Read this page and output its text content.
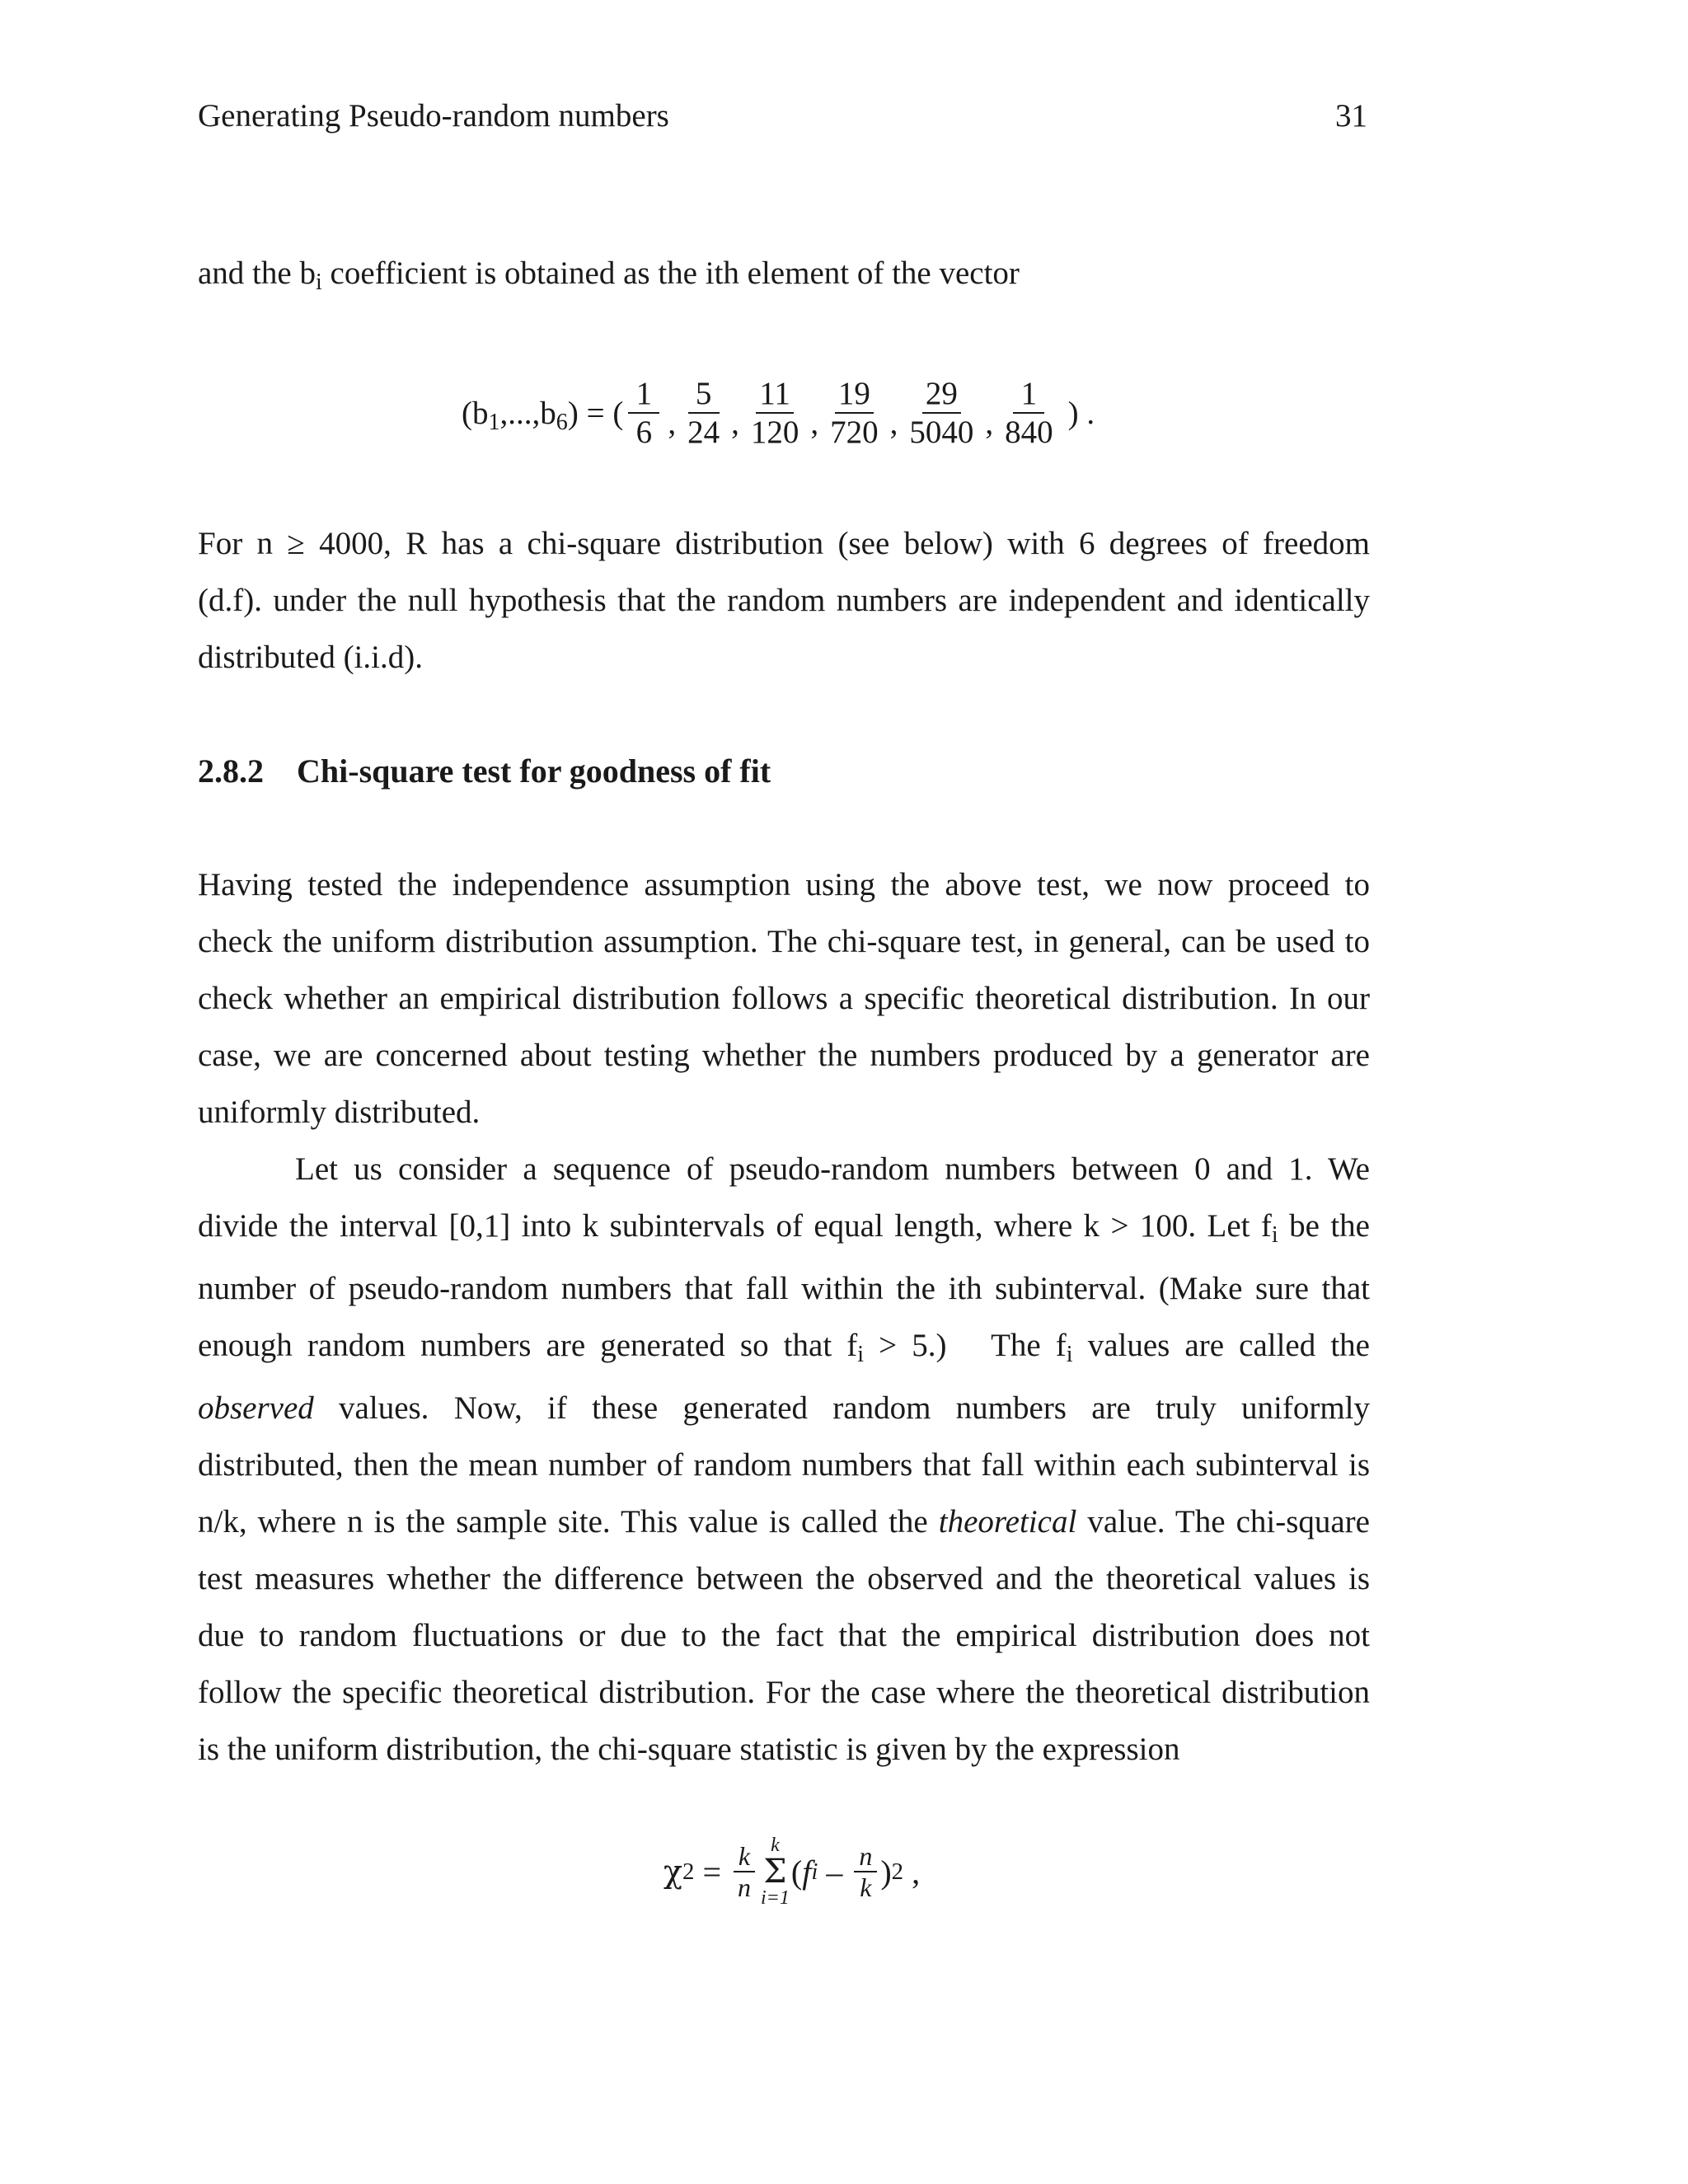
Generating Pseudo-random numbers	31
and the $b_i$ coefficient is obtained as the ith element of the vector
$(b_1,...,b_6)$ = ( $\frac{1}{6}$ , $\frac{5}{24}$ , $\frac{11}{120}$ , $\frac{19}{720}$ , $\frac{29}{5040}$ , $\frac{1}{840}$ ) .
For n ≥ 4000, R has a chi-square distribution (see below) with 6 degrees of freedom
(d.f). under the null hypothesis that the random numbers are independent and identically
distributed (i.i.d).
2.8.2 Chi-square test for goodness of fit
Having tested the independence assumption using the above test, we now proceed to
check the uniform distribution assumption. The chi-square test, in general, can be used to
check whether an empirical distribution follows a specific theoretical distribution. In our
case, we are concerned about testing whether the numbers produced by a generator are
uniformly distributed.
Let us consider a sequence of pseudo-random numbers between 0 and 1. We
divide the interval [0,1] into k subintervals of equal length, where k > 100. Let $f_i$ be the
number of pseudo-random numbers that fall within the ith subinterval. (Make sure that
enough random numbers are generated so that $f_i > 5$.)   The $f_i$ values are called the
observed values. Now, if these generated random numbers are truly uniformly
distributed, then the mean number of random numbers that fall within each subinterval is
n/k, where n is the sample site. This value is called the theoretical value. The chi-square
test measures whether the difference between the observed and the theoretical values is
due to random fluctuations or due to the fact that the empirical distribution does not
follow the specific theoretical distribution. For the case where the theoretical distribution
is the uniform distribution, the chi-square statistic is given by the expression
χ $2 = \frac{k}{n}$ k
Σ
i=1
( f i – $\frac{n}{k}$ ) 2 ,
